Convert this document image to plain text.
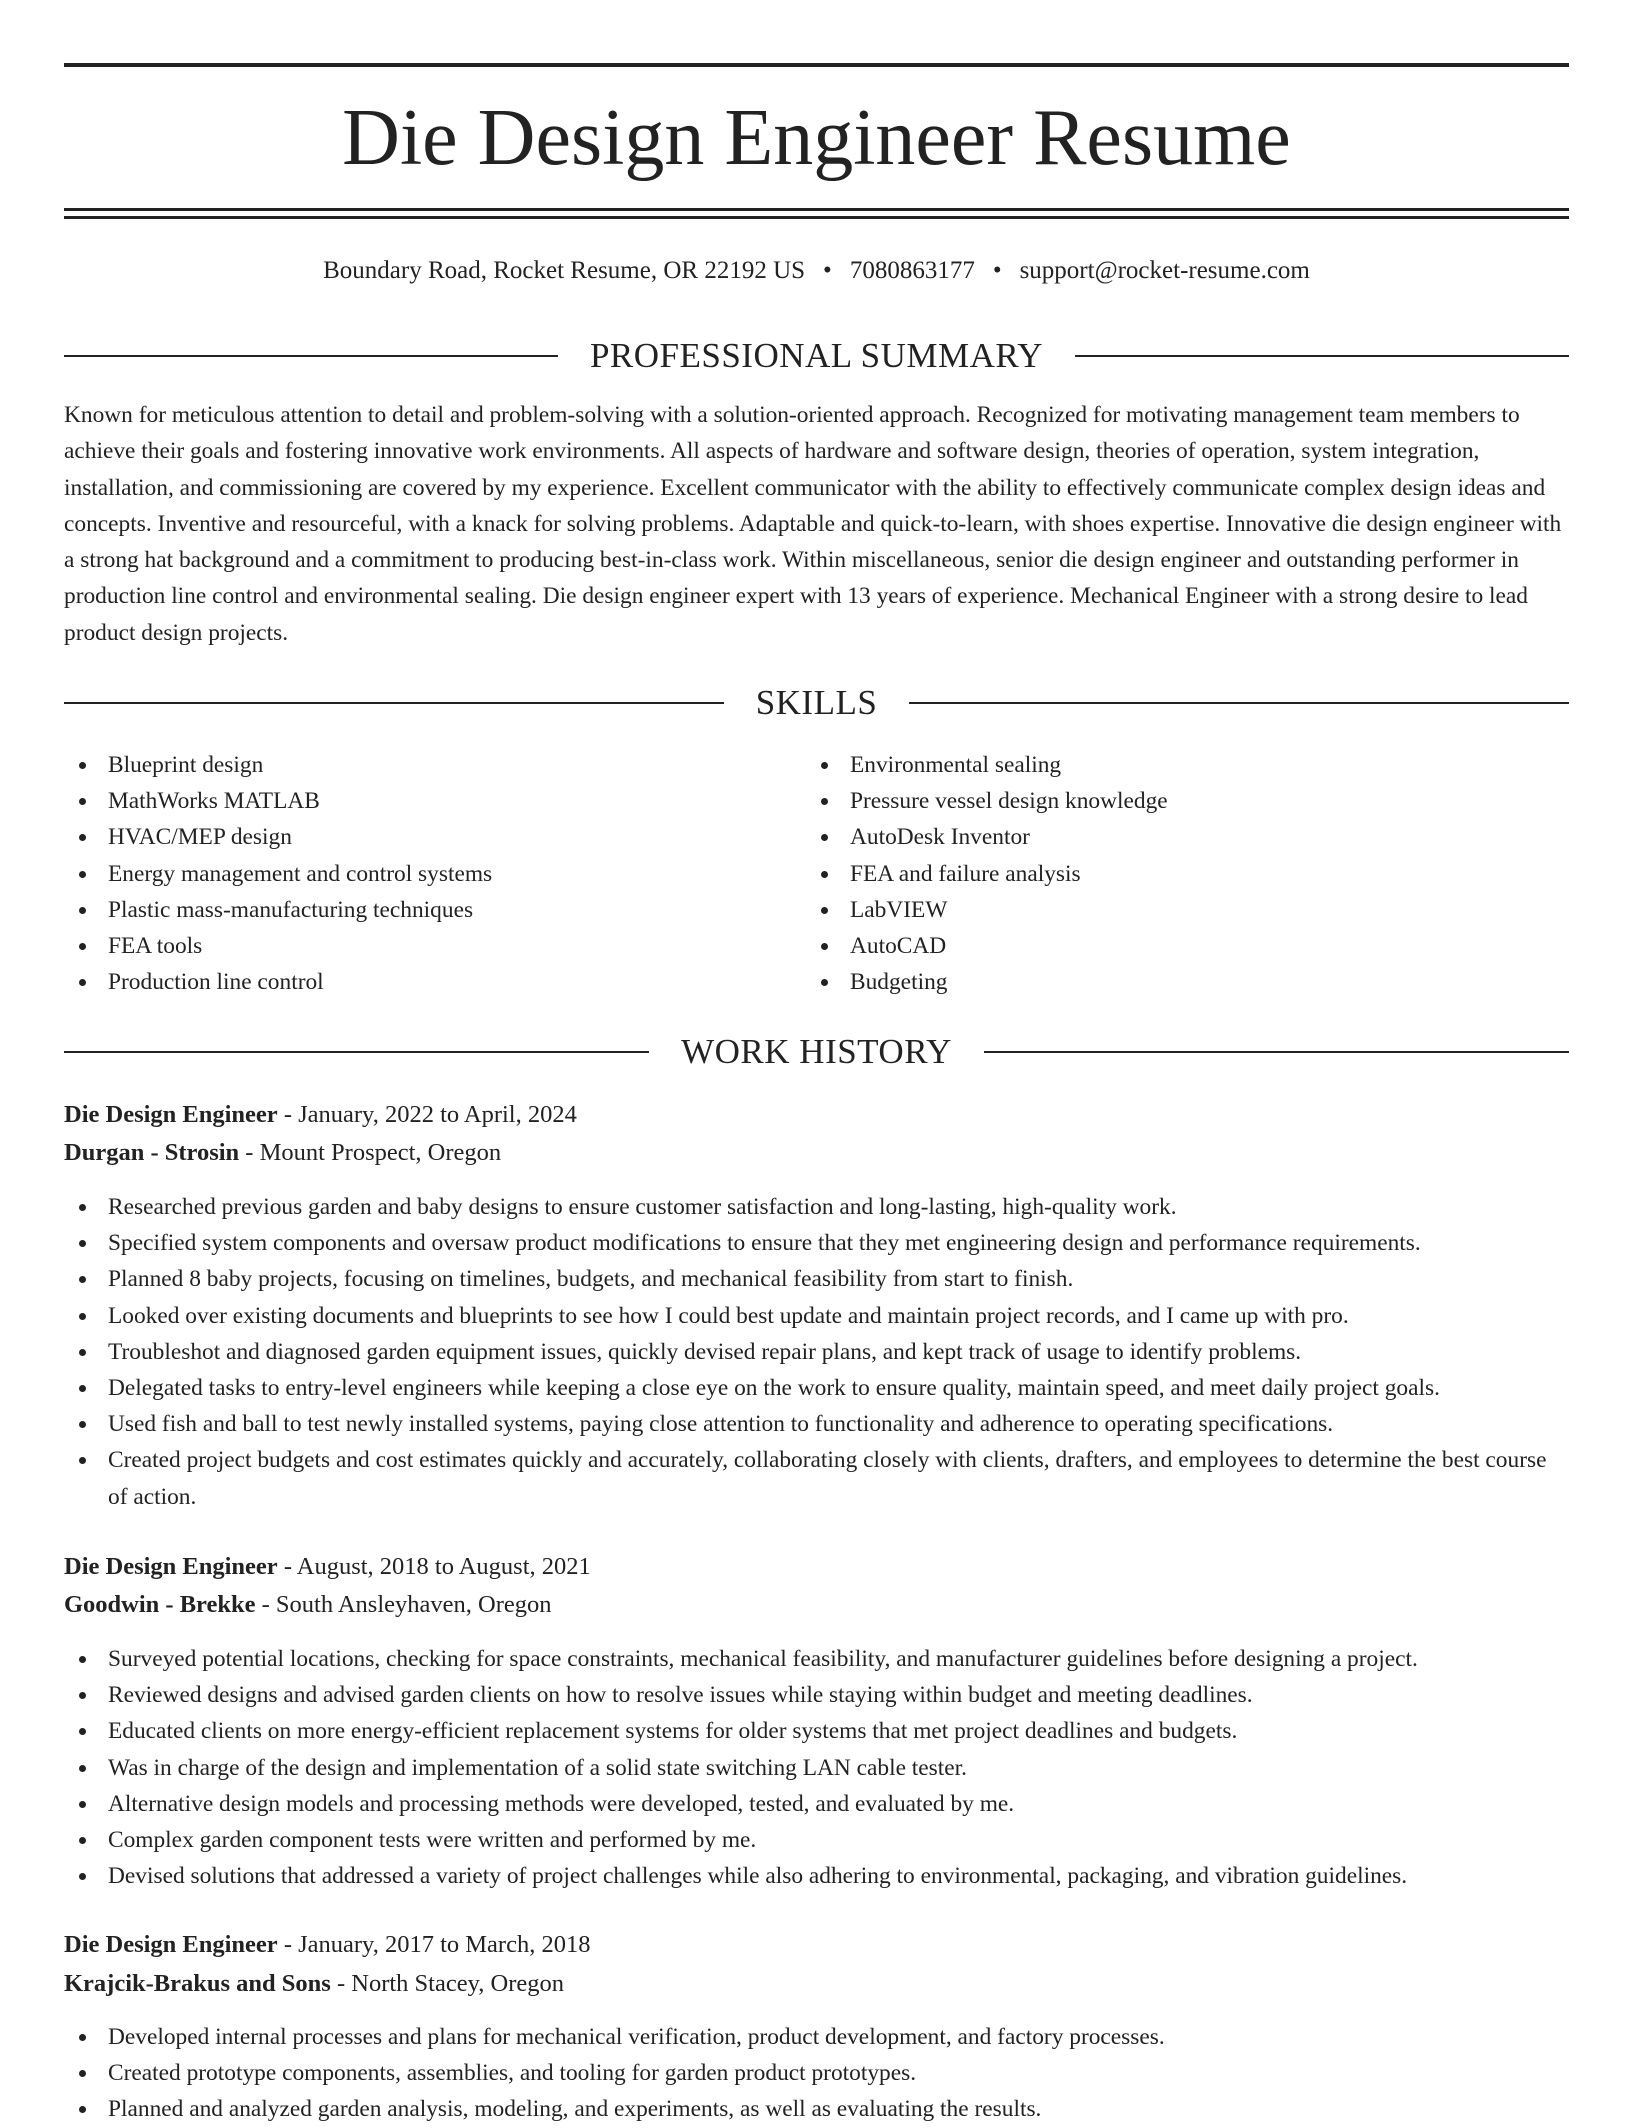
Die Design Engineer Resume
Boundary Road, Rocket Resume, OR 22192 US • 7080863177 • support@rocket-resume.com
PROFESSIONAL SUMMARY

Known for meticulous attention to detail and problem-solving with a solution-oriented approach. Recognized for motivating management team members to achieve their goals and fostering innovative work environments. All aspects of hardware and software design, theories of operation, system integration, installation, and commissioning are covered by my experience. Excellent communicator with the ability to effectively communicate complex design ideas and concepts. Inventive and resourceful, with a knack for solving problems. Adaptable and quick-to-learn, with shoes expertise. Innovative die design engineer with a strong hat background and a commitment to producing best-in-class work. Within miscellaneous, senior die design engineer and outstanding performer in production line control and environmental sealing. Die design engineer expert with 13 years of experience. Mechanical Engineer with a strong desire to lead product design projects.

SKILLS
Blueprint design
MathWorks MATLAB
HVAC/MEP design
Energy management and control systems
Plastic mass-manufacturing techniques
FEA tools
Production line control
Environmental sealing
Pressure vessel design knowledge
AutoDesk Inventor
FEA and failure analysis
LabVIEW
AutoCAD
Budgeting
WORK HISTORY
Die Design Engineer - January, 2022 to April, 2024
Durgan - Strosin - Mount Prospect, Oregon
Researched previous garden and baby designs to ensure customer satisfaction and long-lasting, high-quality work.
Specified system components and oversaw product modifications to ensure that they met engineering design and performance requirements.
Planned 8 baby projects, focusing on timelines, budgets, and mechanical feasibility from start to finish.
Looked over existing documents and blueprints to see how I could best update and maintain project records, and I came up with pro.
Troubleshot and diagnosed garden equipment issues, quickly devised repair plans, and kept track of usage to identify problems.
Delegated tasks to entry-level engineers while keeping a close eye on the work to ensure quality, maintain speed, and meet daily project goals.
Used fish and ball to test newly installed systems, paying close attention to functionality and adherence to operating specifications.
Created project budgets and cost estimates quickly and accurately, collaborating closely with clients, drafters, and employees to determine the best course of action.
Die Design Engineer - August, 2018 to August, 2021
Goodwin - Brekke - South Ansleyhaven, Oregon
Surveyed potential locations, checking for space constraints, mechanical feasibility, and manufacturer guidelines before designing a project.
Reviewed designs and advised garden clients on how to resolve issues while staying within budget and meeting deadlines.
Educated clients on more energy-efficient replacement systems for older systems that met project deadlines and budgets.
Was in charge of the design and implementation of a solid state switching LAN cable tester.
Alternative design models and processing methods were developed, tested, and evaluated by me.
Complex garden component tests were written and performed by me.
Devised solutions that addressed a variety of project challenges while also adhering to environmental, packaging, and vibration guidelines.
Die Design Engineer - January, 2017 to March, 2018
Krajcik-Brakus and Sons - North Stacey, Oregon
Developed internal processes and plans for mechanical verification, product development, and factory processes.
Created prototype components, assemblies, and tooling for garden product prototypes.
Planned and analyzed garden analysis, modeling, and experiments, as well as evaluating the results.
